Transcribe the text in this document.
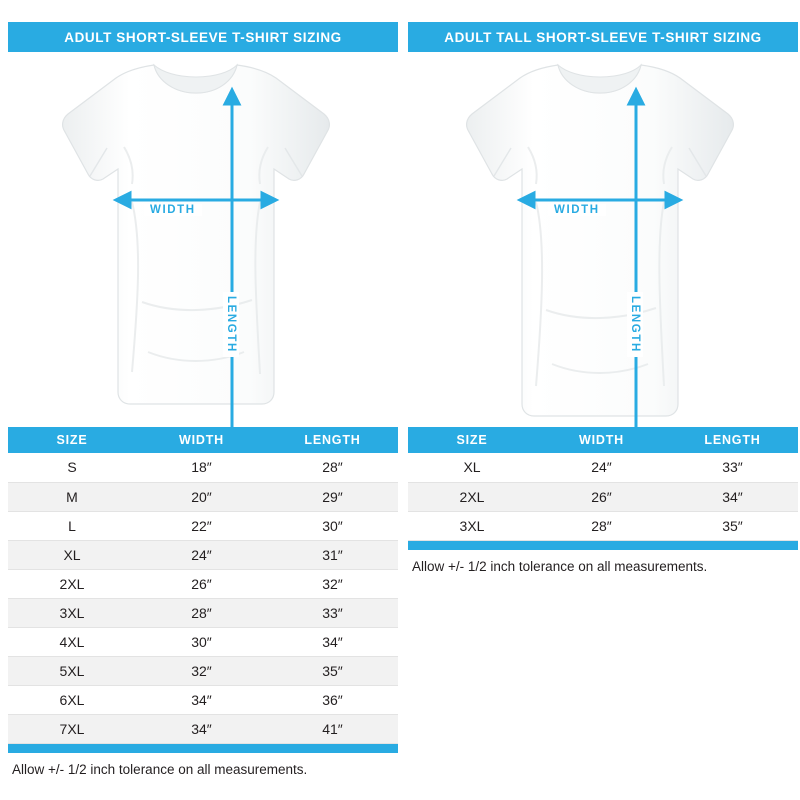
ADULT SHORT-SLEEVE T-SHIRT SIZING
WIDTH
LENGTH
SIZE	WIDTH	LENGTH
S	18″	28″
M	20″	29″
L	22″	30″
XL	24″	31″
2XL	26″	32″
3XL	28″	33″
4XL	30″	34″
5XL	32″	35″
6XL	34″	36″
7XL	34″	41″
Allow +/- 1/2 inch tolerance on all measurements.
ADULT TALL SHORT-SLEEVE T-SHIRT SIZING
WIDTH
LENGTH
SIZE	WIDTH	LENGTH
XL	24″	33″
2XL	26″	34″
3XL	28″	35″
Allow +/- 1/2 inch tolerance on all measurements.
